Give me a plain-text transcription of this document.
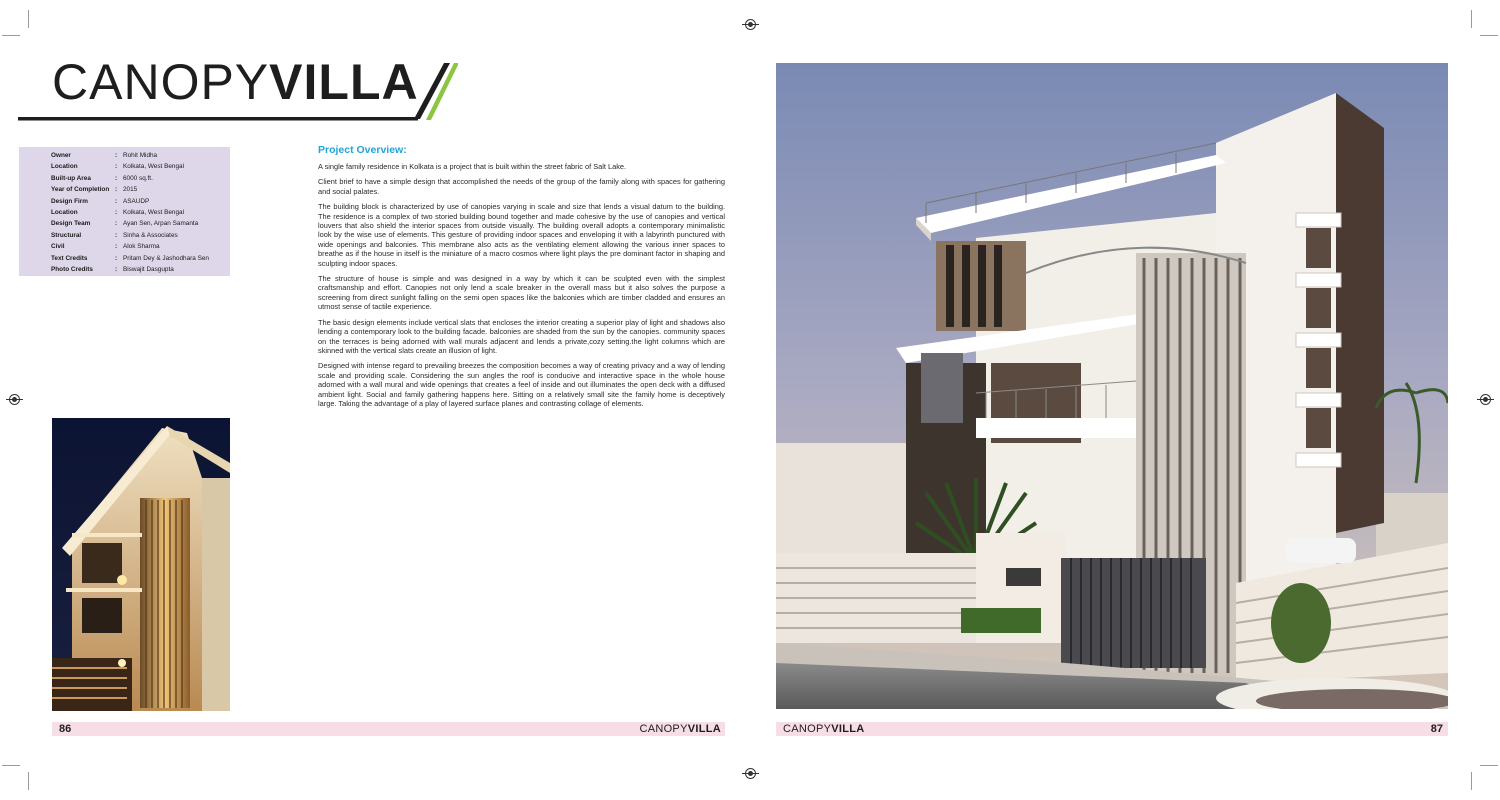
CANOPYVILLA
Owner	: Rohit Midha
Location	: Kolkata, West Bengal
Built-up Area	: 6000 sq.ft.
Year of Completion : 2015
Design Firm	: ASAUDP
Location	: Kolkata, West Bengal
Design Team	: Ayan Sen, Arpan Samanta
Structural	: Sinha & Associates
Civil	: Alok Sharma
Text Credits	: Pritam Dey & Jashodhara Sen
Photo Credits	: Biswajit Dasgupta
Project Overview:

A single family residence in Kolkata is a project that is built within the street fabric of Salt Lake.

Client brief to have a simple design that accomplished the needs of the group of the family along with spaces for gathering and social palates.

The building block is characterized by use of canopies varying in scale and size that lends a visual datum to the building. The residence is a complex of two storied building bound together and made cohesive by the use of canopies and vertical louvers that also shield the interior spaces from outside visually. The building overall adopts a contemporary minimalistic look by the wise use of elements. This gesture of providing indoor spaces and enveloping it with a labyrinth punctured with wide openings and balconies. This membrane also acts as the ventilating element allowing the various inner spaces to breathe as if the house in itself is the miniature of a macro cosmos where light plays the pre dominant factor in shaping and sculpting indoor spaces.

The structure of house is simple and was designed in a way by which it can be sculpted even with the simplest craftsmanship and effort. Canopies not only lend a scale breaker in the overall mass but it also solves the purpose a screening from direct sunlight falling on the semi open spaces like the balconies which are timber cladded and ensures an utmost sense of tactile experience.

The basic design elements include vertical slats that encloses the interior creating a superior play of light and shadows also lending a contemporary look to the building facade. balconies are shaded from the sun by the canopies. community spaces on the terraces is being adorned with wall murals adjacent and lends a private,cozy setting.the light columns which are skinned with the vertical slats create an illusion of light.

Designed with intense regard to prevailing breezes the composition becomes a way of creating privacy and a way of lending scale and providing scale. Considering the sun angles the roof is conducive and interactive space in the whole house adorned with a wall mural and wide openings that creates a feel of inside and out illuminates the open deck with a diffused ambient light. Social and family gathering happens here. Sitting on a relatively small site the family home is deceptively large. Taking the advantage of a play of layered surface planes and contrasting collage of elements.

86	CANOPYVILLA	CANOPYVILLA	87
